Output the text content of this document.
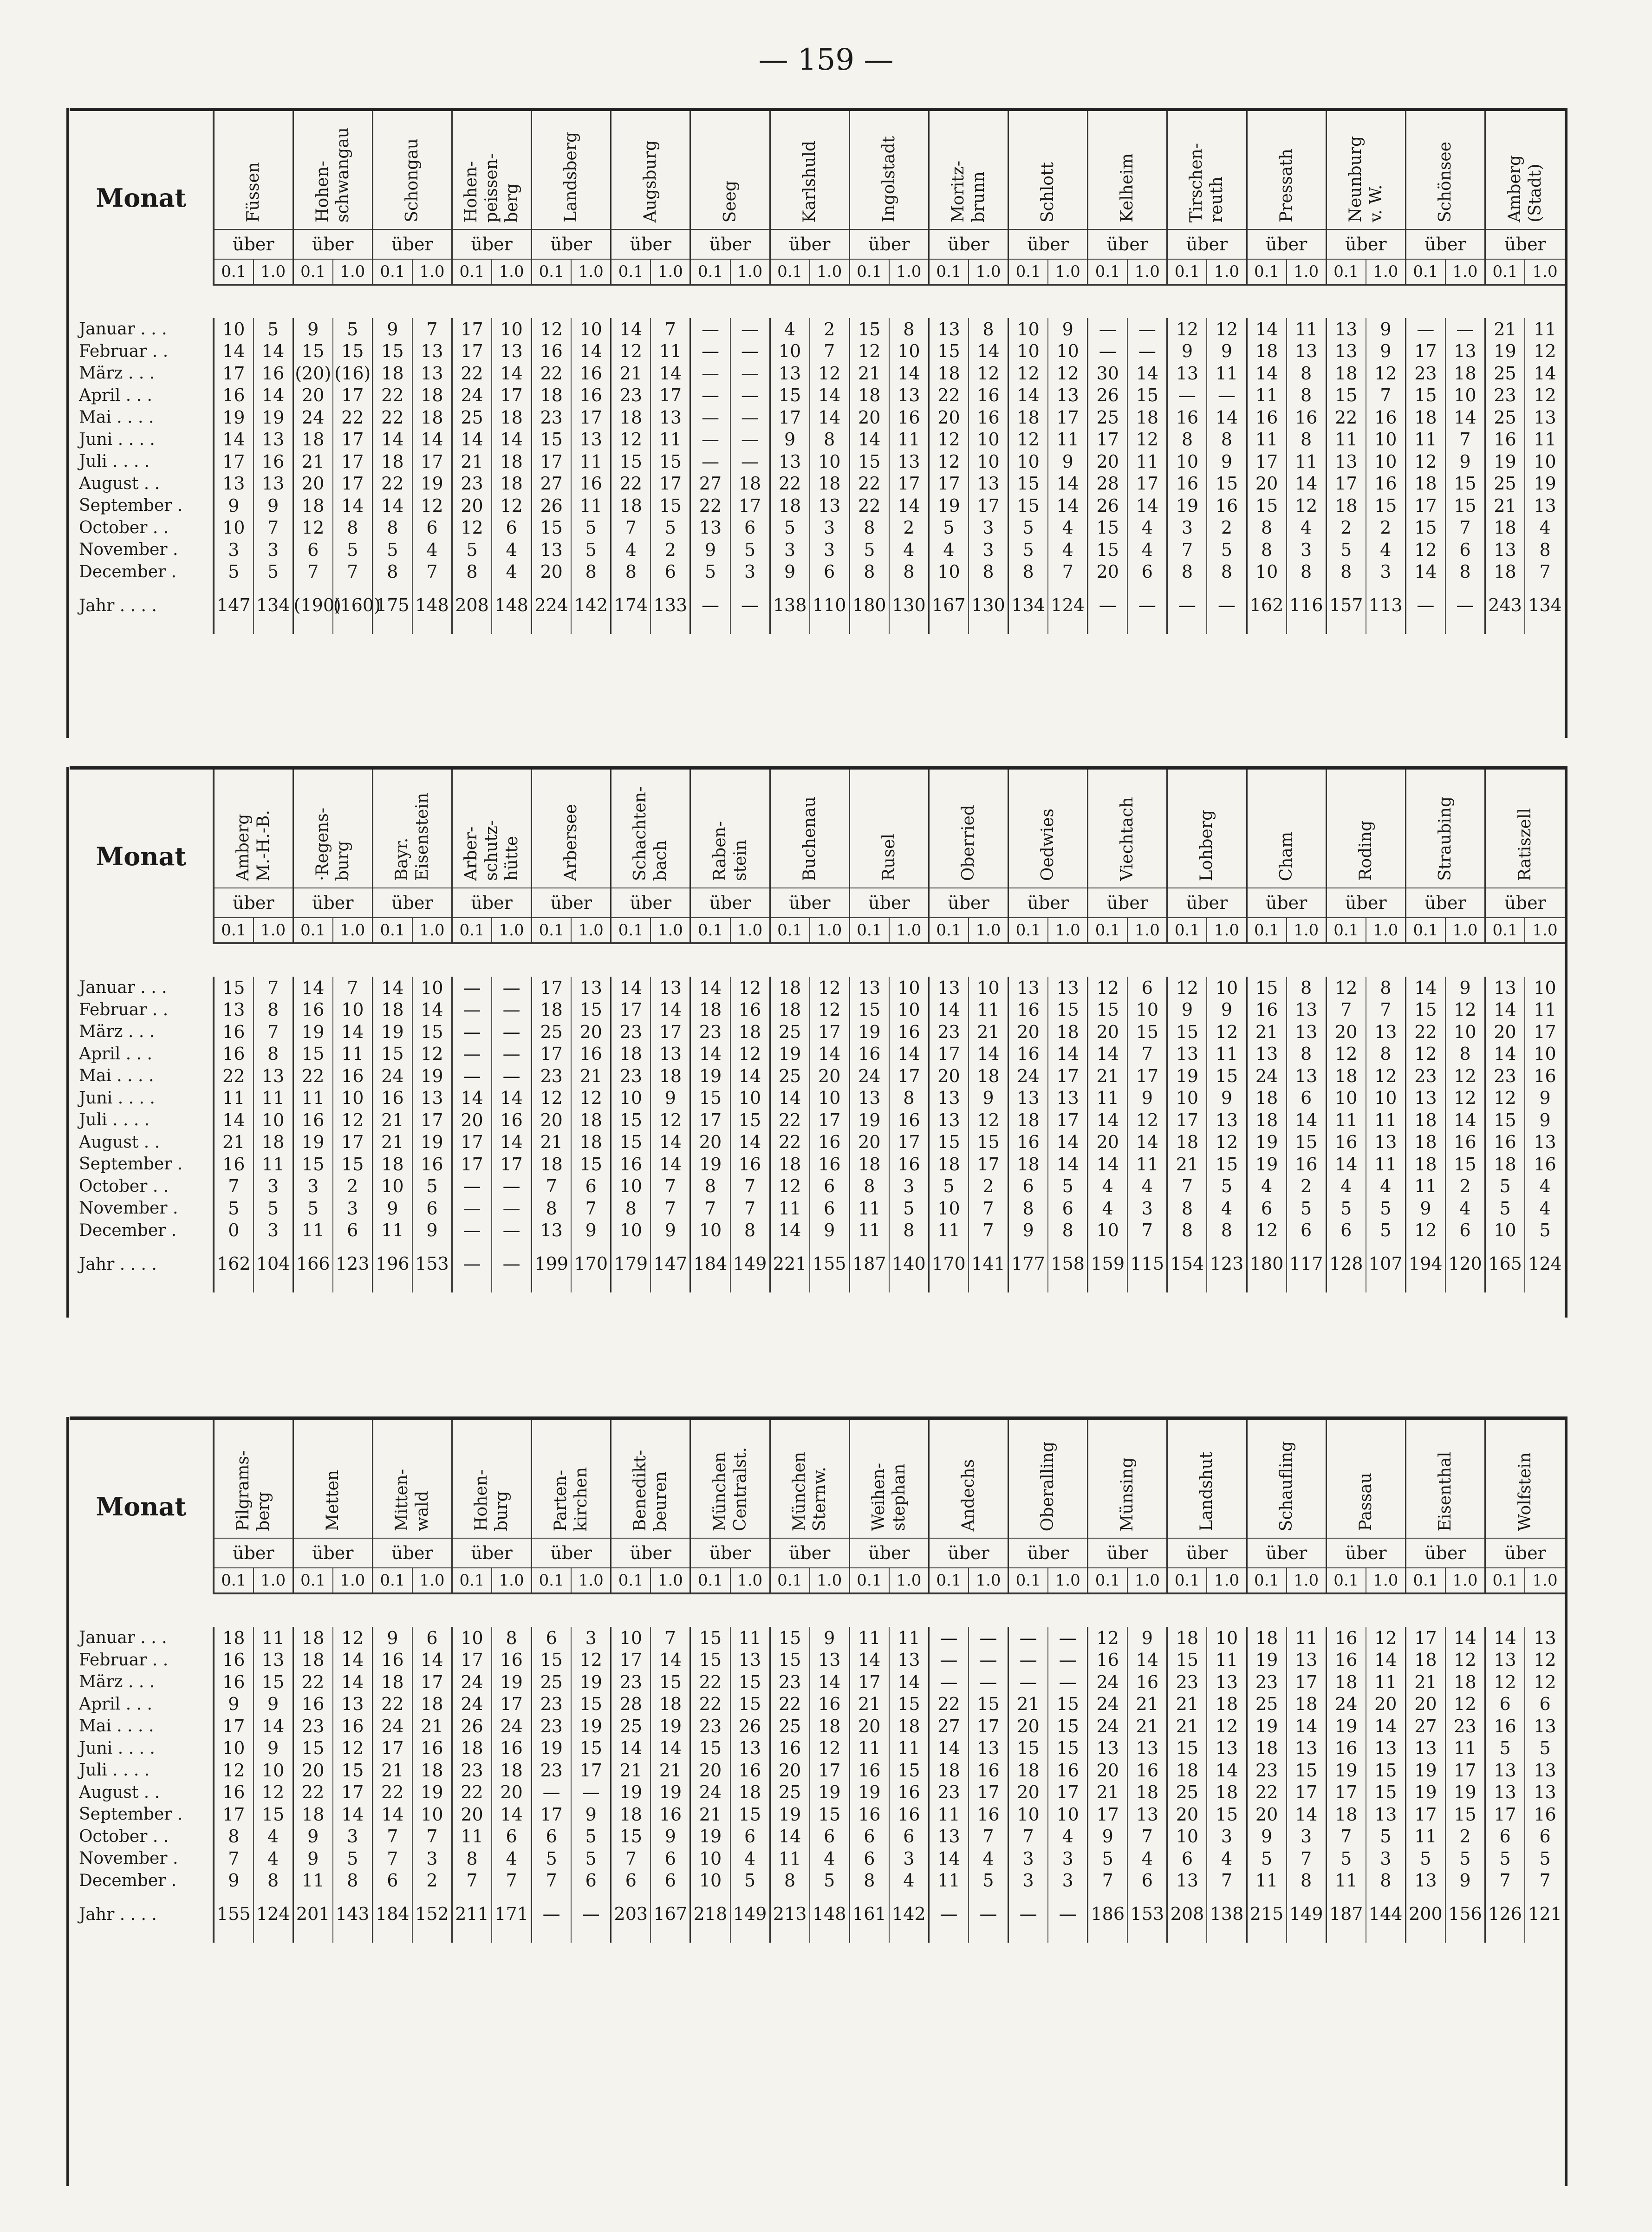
— 159 —
Monat	Füssen		Hohen-
schwangau		Schongau		Hohen-
peissen-
berg		Landsberg		Augsburg		Seeg		Karlshuld		Ingolstadt		Moritz-
brunn		Schlott		Kelheim		Tirschen-
reuth		Pressath		Neunburg
v. W.		Schönsee		Amberg
(Stadt)	

	über		über		über		über		über		über		über		über		über		über		über		über		über		über		über		über		über	
	0.1	1.0	0.1	1.0	0.1	1.0	0.1	1.0	0.1	1.0	0.1	1.0	0.1	1.0	0.1	1.0	0.1	1.0	0.1	1.0	0.1	1.0	0.1	1.0	0.1	1.0	0.1	1.0	0.1	1.0	0.1	1.0	0.1	1.0

Januar . . .	10	5	9	5	9	7	17	10	12	10	14	7	—	—	4	2	15	8	13	8	10	9	—	—	12	12	14	11	13	9	—	—	21	11
Februar . .	14	14	15	15	15	13	17	13	16	14	12	11	—	—	10	7	12	10	15	14	10	10	—	—	9	9	18	13	13	9	17	13	19	12
März . . .	17	16	(20)	(16)	18	13	22	14	22	16	21	14	—	—	13	12	21	14	18	12	12	12	30	14	13	11	14	8	18	12	23	18	25	14
April . . .	16	14	20	17	22	18	24	17	18	16	23	17	—	—	15	14	18	13	22	16	14	13	26	15	—	—	11	8	15	7	15	10	23	12
Mai . . . .	19	19	24	22	22	18	25	18	23	17	18	13	—	—	17	14	20	16	20	16	18	17	25	18	16	14	16	16	22	16	18	14	25	13
Juni . . . .	14	13	18	17	14	14	14	14	15	13	12	11	—	—	9	8	14	11	12	10	12	11	17	12	8	8	11	8	11	10	11	7	16	11
Juli . . . .	17	16	21	17	18	17	21	18	17	11	15	15	—	—	13	10	15	13	12	10	10	9	20	11	10	9	17	11	13	10	12	9	19	10
August . .	13	13	20	17	22	19	23	18	27	16	22	17	27	18	22	18	22	17	17	13	15	14	28	17	16	15	20	14	17	16	18	15	25	19
September .	9	9	18	14	14	12	20	12	26	11	18	15	22	17	18	13	22	14	19	17	15	14	26	14	19	16	15	12	18	15	17	15	21	13
October . .	10	7	12	8	8	6	12	6	15	5	7	5	13	6	5	3	8	2	5	3	5	4	15	4	3	2	8	4	2	2	15	7	18	4
November .	3	3	6	5	5	4	5	4	13	5	4	2	9	5	3	3	5	4	4	3	5	4	15	4	7	5	8	3	5	4	12	6	13	8
December .	5	5	7	7	8	7	8	4	20	8	8	6	5	3	9	6	8	8	10	8	8	7	20	6	8	8	10	8	8	3	14	8	18	7
Jahr . . . .	147	134	(190)	(160)	175	148	208	148	224	142	174	133	—	—	138	110	180	130	167	130	134	124	—	—	—	—	162	116	157	113	—	—	243	134

Monat	Amberg
M.-H.-B.		·Regens-
burg		Bayr.
Eisenstein		Arber-
schutz-
hütte		Arbersee		Schachten-
bach		Raben-
stein		Buchenau		Rusel		Oberried		Oedwies		Viechtach		Lohberg		Cham		Roding		Straubing		Ratiszell	

	über		über		über		über		über		über		über		über		über		über		über		über		über		über		über		über		über	
	0.1	1.0	0.1	1.0	0.1	1.0	0.1	1.0	0.1	1.0	0.1	1.0	0.1	1.0	0.1	1.0	0.1	1.0	0.1	1.0	0.1	1.0	0.1	1.0	0.1	1.0	0.1	1.0	0.1	1.0	0.1	1.0	0.1	1.0

Januar . . .	15	7	14	7	14	10	—	—	17	13	14	13	14	12	18	12	13	10	13	10	13	13	12	6	12	10	15	8	12	8	14	9	13	10
Februar . .	13	8	16	10	18	14	—	—	18	15	17	14	18	16	18	12	15	10	14	11	16	15	15	10	9	9	16	13	7	7	15	12	14	11
März . . .	16	7	19	14	19	15	—	—	25	20	23	17	23	18	25	17	19	16	23	21	20	18	20	15	15	12	21	13	20	13	22	10	20	17
April . . .	16	8	15	11	15	12	—	—	17	16	18	13	14	12	19	14	16	14	17	14	16	14	14	7	13	11	13	8	12	8	12	8	14	10
Mai . . . .	22	13	22	16	24	19	—	—	23	21	23	18	19	14	25	20	24	17	20	18	24	17	21	17	19	15	24	13	18	12	23	12	23	16
Juni . . . .	11	11	11	10	16	13	14	14	12	12	10	9	15	10	14	10	13	8	13	9	13	13	11	9	10	9	18	6	10	10	13	12	12	9
Juli . . . .	14	10	16	12	21	17	20	16	20	18	15	12	17	15	22	17	19	16	13	12	18	17	14	12	17	13	18	14	11	11	18	14	15	9
August . .	21	18	19	17	21	19	17	14	21	18	15	14	20	14	22	16	20	17	15	15	16	14	20	14	18	12	19	15	16	13	18	16	16	13
September .	16	11	15	15	18	16	17	17	18	15	16	14	19	16	18	16	18	16	18	17	18	14	14	11	21	15	19	16	14	11	18	15	18	16
October . .	7	3	3	2	10	5	—	—	7	6	10	7	8	7	12	6	8	3	5	2	6	5	4	4	7	5	4	2	4	4	11	2	5	4
November .	5	5	5	3	9	6	—	—	8	7	8	7	7	7	11	6	11	5	10	7	8	6	4	3	8	4	6	5	5	5	9	4	5	4
December .	0	3	11	6	11	9	—	—	13	9	10	9	10	8	14	9	11	8	11	7	9	8	10	7	8	8	12	6	6	5	12	6	10	5
Jahr . . . .	162	104	166	123	196	153	—	—	199	170	179	147	184	149	221	155	187	140	170	141	177	158	159	115	154	123	180	117	128	107	194	120	165	124

Monat	Pilgrams-
berg		Metten		Mitten-
wald		Hohen-
burg		Parten-
kirchen		Benedikt-
beuren		München
Centralst.		München
Sternw.		Weihen-
stephan		Andechs		Oberalling		Münsing		Landshut		Schaufling		Passau		Eisenthal		Wolfstein	

	über		über		über		über		über		über		über		über		über		über		über		über		über		über		über		über		über	
	0.1	1.0	0.1	1.0	0.1	1.0	0.1	1.0	0.1	1.0	0.1	1.0	0.1	1.0	0.1	1.0	0.1	1.0	0.1	1.0	0.1	1.0	0.1	1.0	0.1	1.0	0.1	1.0	0.1	1.0	0.1	1.0	0.1	1.0

Januar . . .	18	11	18	12	9	6	10	8	6	3	10	7	15	11	15	9	11	11	—	—	—	—	12	9	18	10	18	11	16	12	17	14	14	13
Februar . .	16	13	18	14	16	14	17	16	15	12	17	14	15	13	15	13	14	13	—	—	—	—	16	14	15	11	19	13	16	14	18	12	13	12
März . . .	16	15	22	14	18	17	24	19	25	19	23	15	22	15	23	14	17	14	—	—	—	—	24	16	23	13	23	17	18	11	21	18	12	12
April . . .	9	9	16	13	22	18	24	17	23	15	28	18	22	15	22	16	21	15	22	15	21	15	24	21	21	18	25	18	24	20	20	12	6	6
Mai . . . .	17	14	23	16	24	21	26	24	23	19	25	19	23	26	25	18	20	18	27	17	20	15	24	21	21	12	19	14	19	14	27	23	16	13
Juni . . . .	10	9	15	12	17	16	18	16	19	15	14	14	15	13	16	12	11	11	14	13	15	15	13	13	15	13	18	13	16	13	13	11	5	5
Juli . . . .	12	10	20	15	21	18	23	18	23	17	21	21	20	16	20	17	16	15	18	16	18	16	20	16	18	14	23	15	19	15	19	17	13	13
August . .	16	12	22	17	22	19	22	20	—	—	19	19	24	18	25	19	19	16	23	17	20	17	21	18	25	18	22	17	17	15	19	19	13	13
September .	17	15	18	14	14	10	20	14	17	9	18	16	21	15	19	15	16	16	11	16	10	10	17	13	20	15	20	14	18	13	17	15	17	16
October . .	8	4	9	3	7	7	11	6	6	5	15	9	19	6	14	6	6	6	13	7	7	4	9	7	10	3	9	3	7	5	11	2	6	6
November .	7	4	9	5	7	3	8	4	5	5	7	6	10	4	11	4	6	3	14	4	3	3	5	4	6	4	5	7	5	3	5	5	5	5
December .	9	8	11	8	6	2	7	7	7	6	6	6	10	5	8	5	8	4	11	5	3	3	7	6	13	7	11	8	11	8	13	9	7	7
Jahr . . . .	155	124	201	143	184	152	211	171	—	—	203	167	218	149	213	148	161	142	—	—	—	—	186	153	208	138	215	149	187	144	200	156	126	121
